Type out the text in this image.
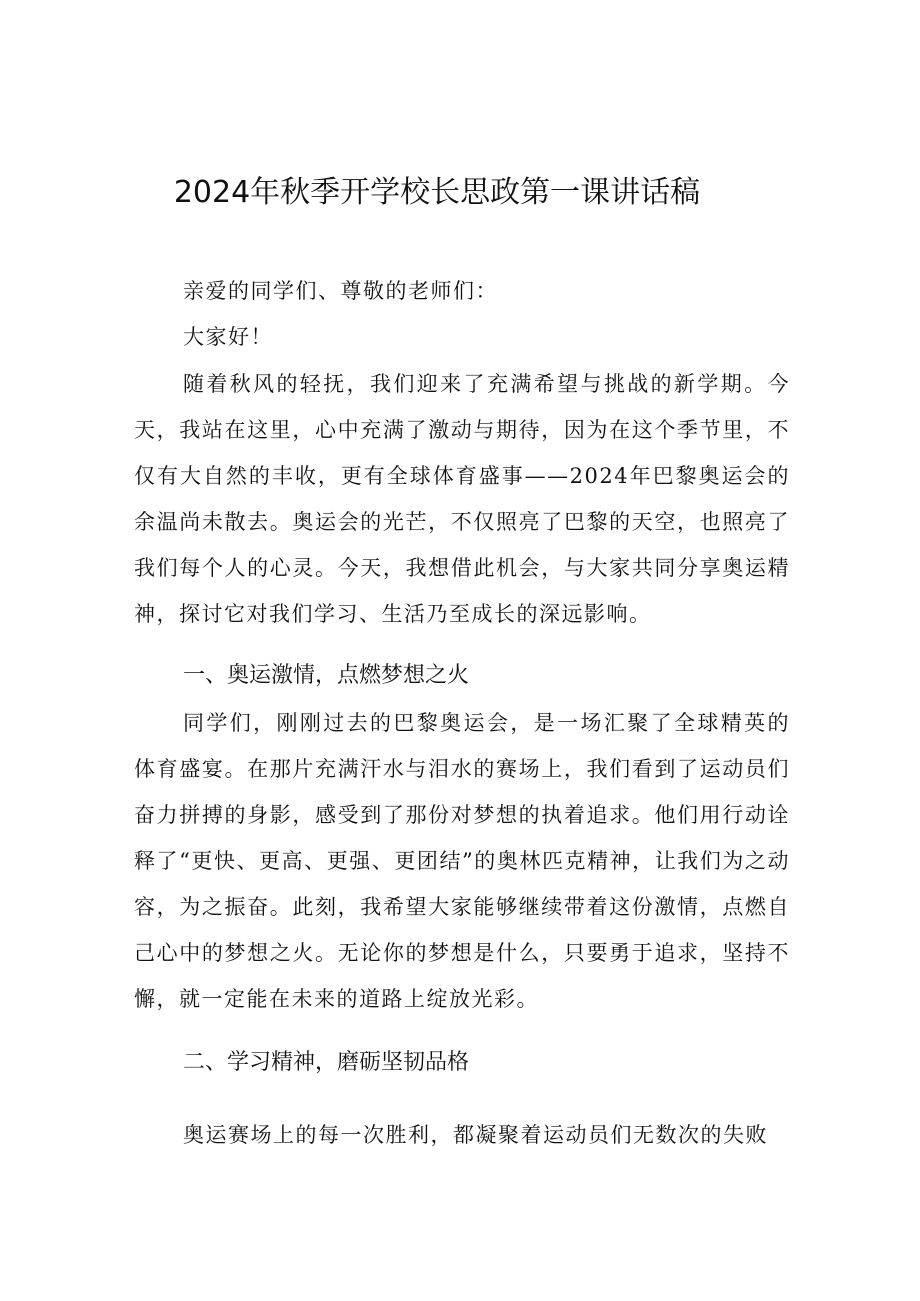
2024年秋季开学校长思政第一课讲话稿

亲爱的同学们、尊敬的老师们：

大家好！

随着秋风的轻抚，我们迎来了充满希望与挑战的新学期。今天，我站在这里，心中充满了激动与期待，因为在这个季节里，不仅有大自然的丰收，更有全球体育盛事——2024年巴黎奥运会的余温尚未散去。奥运会的光芒，不仅照亮了巴黎的天空，也照亮了我们每个人的心灵。今天，我想借此机会，与大家共同分享奥运精神，探讨它对我们学习、生活乃至成长的深远影响。

一、奥运激情，点燃梦想之火

同学们，刚刚过去的巴黎奥运会，是一场汇聚了全球精英的体育盛宴。在那片充满汗水与泪水的赛场上，我们看到了运动员们奋力拼搏的身影，感受到了那份对梦想的执着追求。他们用行动诠释了“更快、更高、更强、更团结”的奥林匹克精神，让我们为之动容，为之振奋。此刻，我希望大家能够继续带着这份激情，点燃自己心中的梦想之火。无论你的梦想是什么，只要勇于追求，坚持不懈，就一定能在未来的道路上绽放光彩。

二、学习精神，磨砺坚韧品格

奥运赛场上的每一次胜利，都凝聚着运动员们无数次的失败
